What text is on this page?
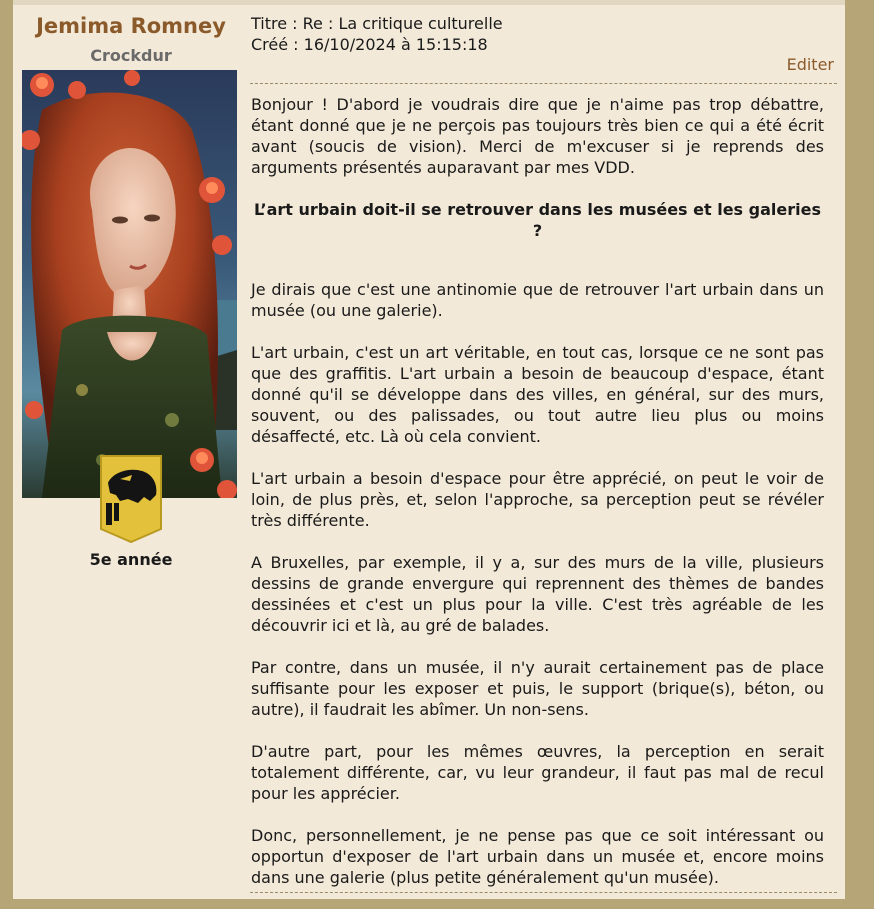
Jemima Romney
Crockdur
5e année
Titre : Re : La critique culturelle
Créé : 16/10/2024 à 15:15:18
Editer

Bonjour ! D'abord je voudrais dire que je n'aime pas trop débattre, étant donné que je ne perçois pas toujours très bien ce qui a été écrit avant (soucis de vision). Merci de m'excuser si je reprends des arguments présentés auparavant par mes VDD.

L’art urbain doit-il se retrouver dans les musées et les galeries ?

Je dirais que c'est une antinomie que de retrouver l'art urbain dans un musée (ou une galerie).

L'art urbain, c'est un art véritable, en tout cas, lorsque ce ne sont pas que des graffitis. L'art urbain a besoin de beaucoup d'espace, étant donné qu'il se développe dans des villes, en général, sur des murs, souvent, ou des palissades, ou tout autre lieu plus ou moins désaffecté, etc. Là où cela convient.

L'art urbain a besoin d'espace pour être apprécié, on peut le voir de loin, de plus près, et, selon l'approche, sa perception peut se révéler très différente.

A Bruxelles, par exemple, il y a, sur des murs de la ville, plusieurs dessins de grande envergure qui reprennent des thèmes de bandes dessinées et c'est un plus pour la ville. C'est très agréable de les découvrir ici et là, au gré de balades.

Par contre, dans un musée, il n'y aurait certainement pas de place suffisante pour les exposer et puis, le support (brique(s), béton, ou autre), il faudrait les abîmer. Un non-sens.

D'autre part, pour les mêmes œuvres, la perception en serait totalement différente, car, vu leur grandeur, il faut pas mal de recul pour les apprécier.

Donc, personnellement, je ne pense pas que ce soit intéressant ou opportun d'exposer de l'art urbain dans un musée et, encore moins dans une galerie (plus petite généralement qu'un musée).
